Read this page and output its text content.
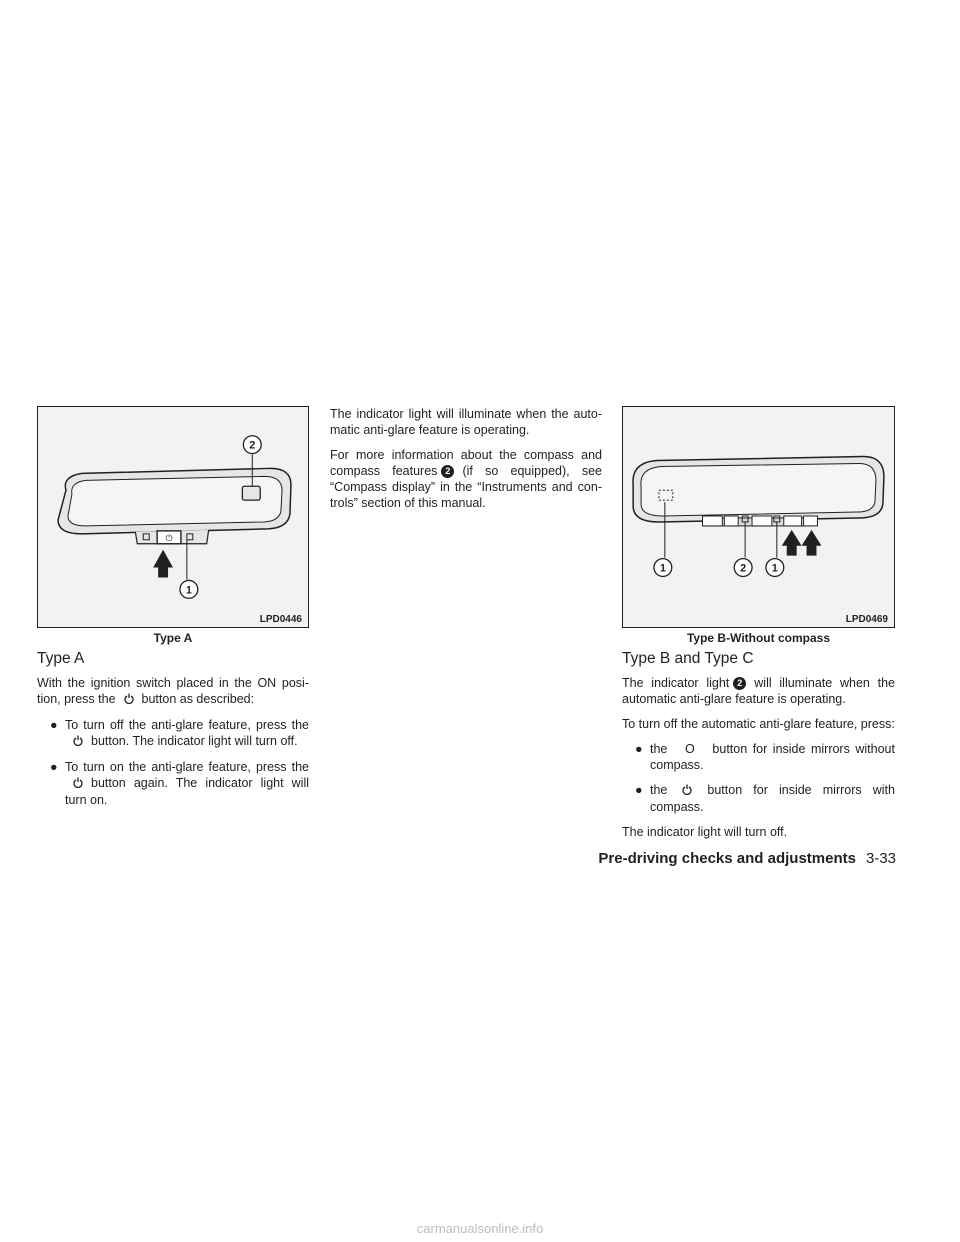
⏻
2
1
LPD0446
Type A
1	2 1
LPD0469
Type B-Without compass
Type A

With the ignition switch placed in the ON posi-tion, press the button as described:

● To turn off the anti-glare feature, press thebutton. The indicator light will turn off.
● To turn on the anti-glare feature, press thebutton again. The indicator light will turn on.

The indicator light will illuminate when the auto-matic anti-glare feature is operating.

For more information about the compass and compass features 2 (if so equipped), see “Compass display” in the “Instruments and con-trols” section of this manual.

Type B and Type C

The indicator light 2 will illuminate when the automatic anti-glare feature is operating.

To turn off the automatic anti-glare feature, press:

● the O button for inside mirrors without compass.
● the	button for inside mirrors with compass.

The indicator light will turn off.

Pre-driving checks and adjustments 3-33
carmanualsonline.info
